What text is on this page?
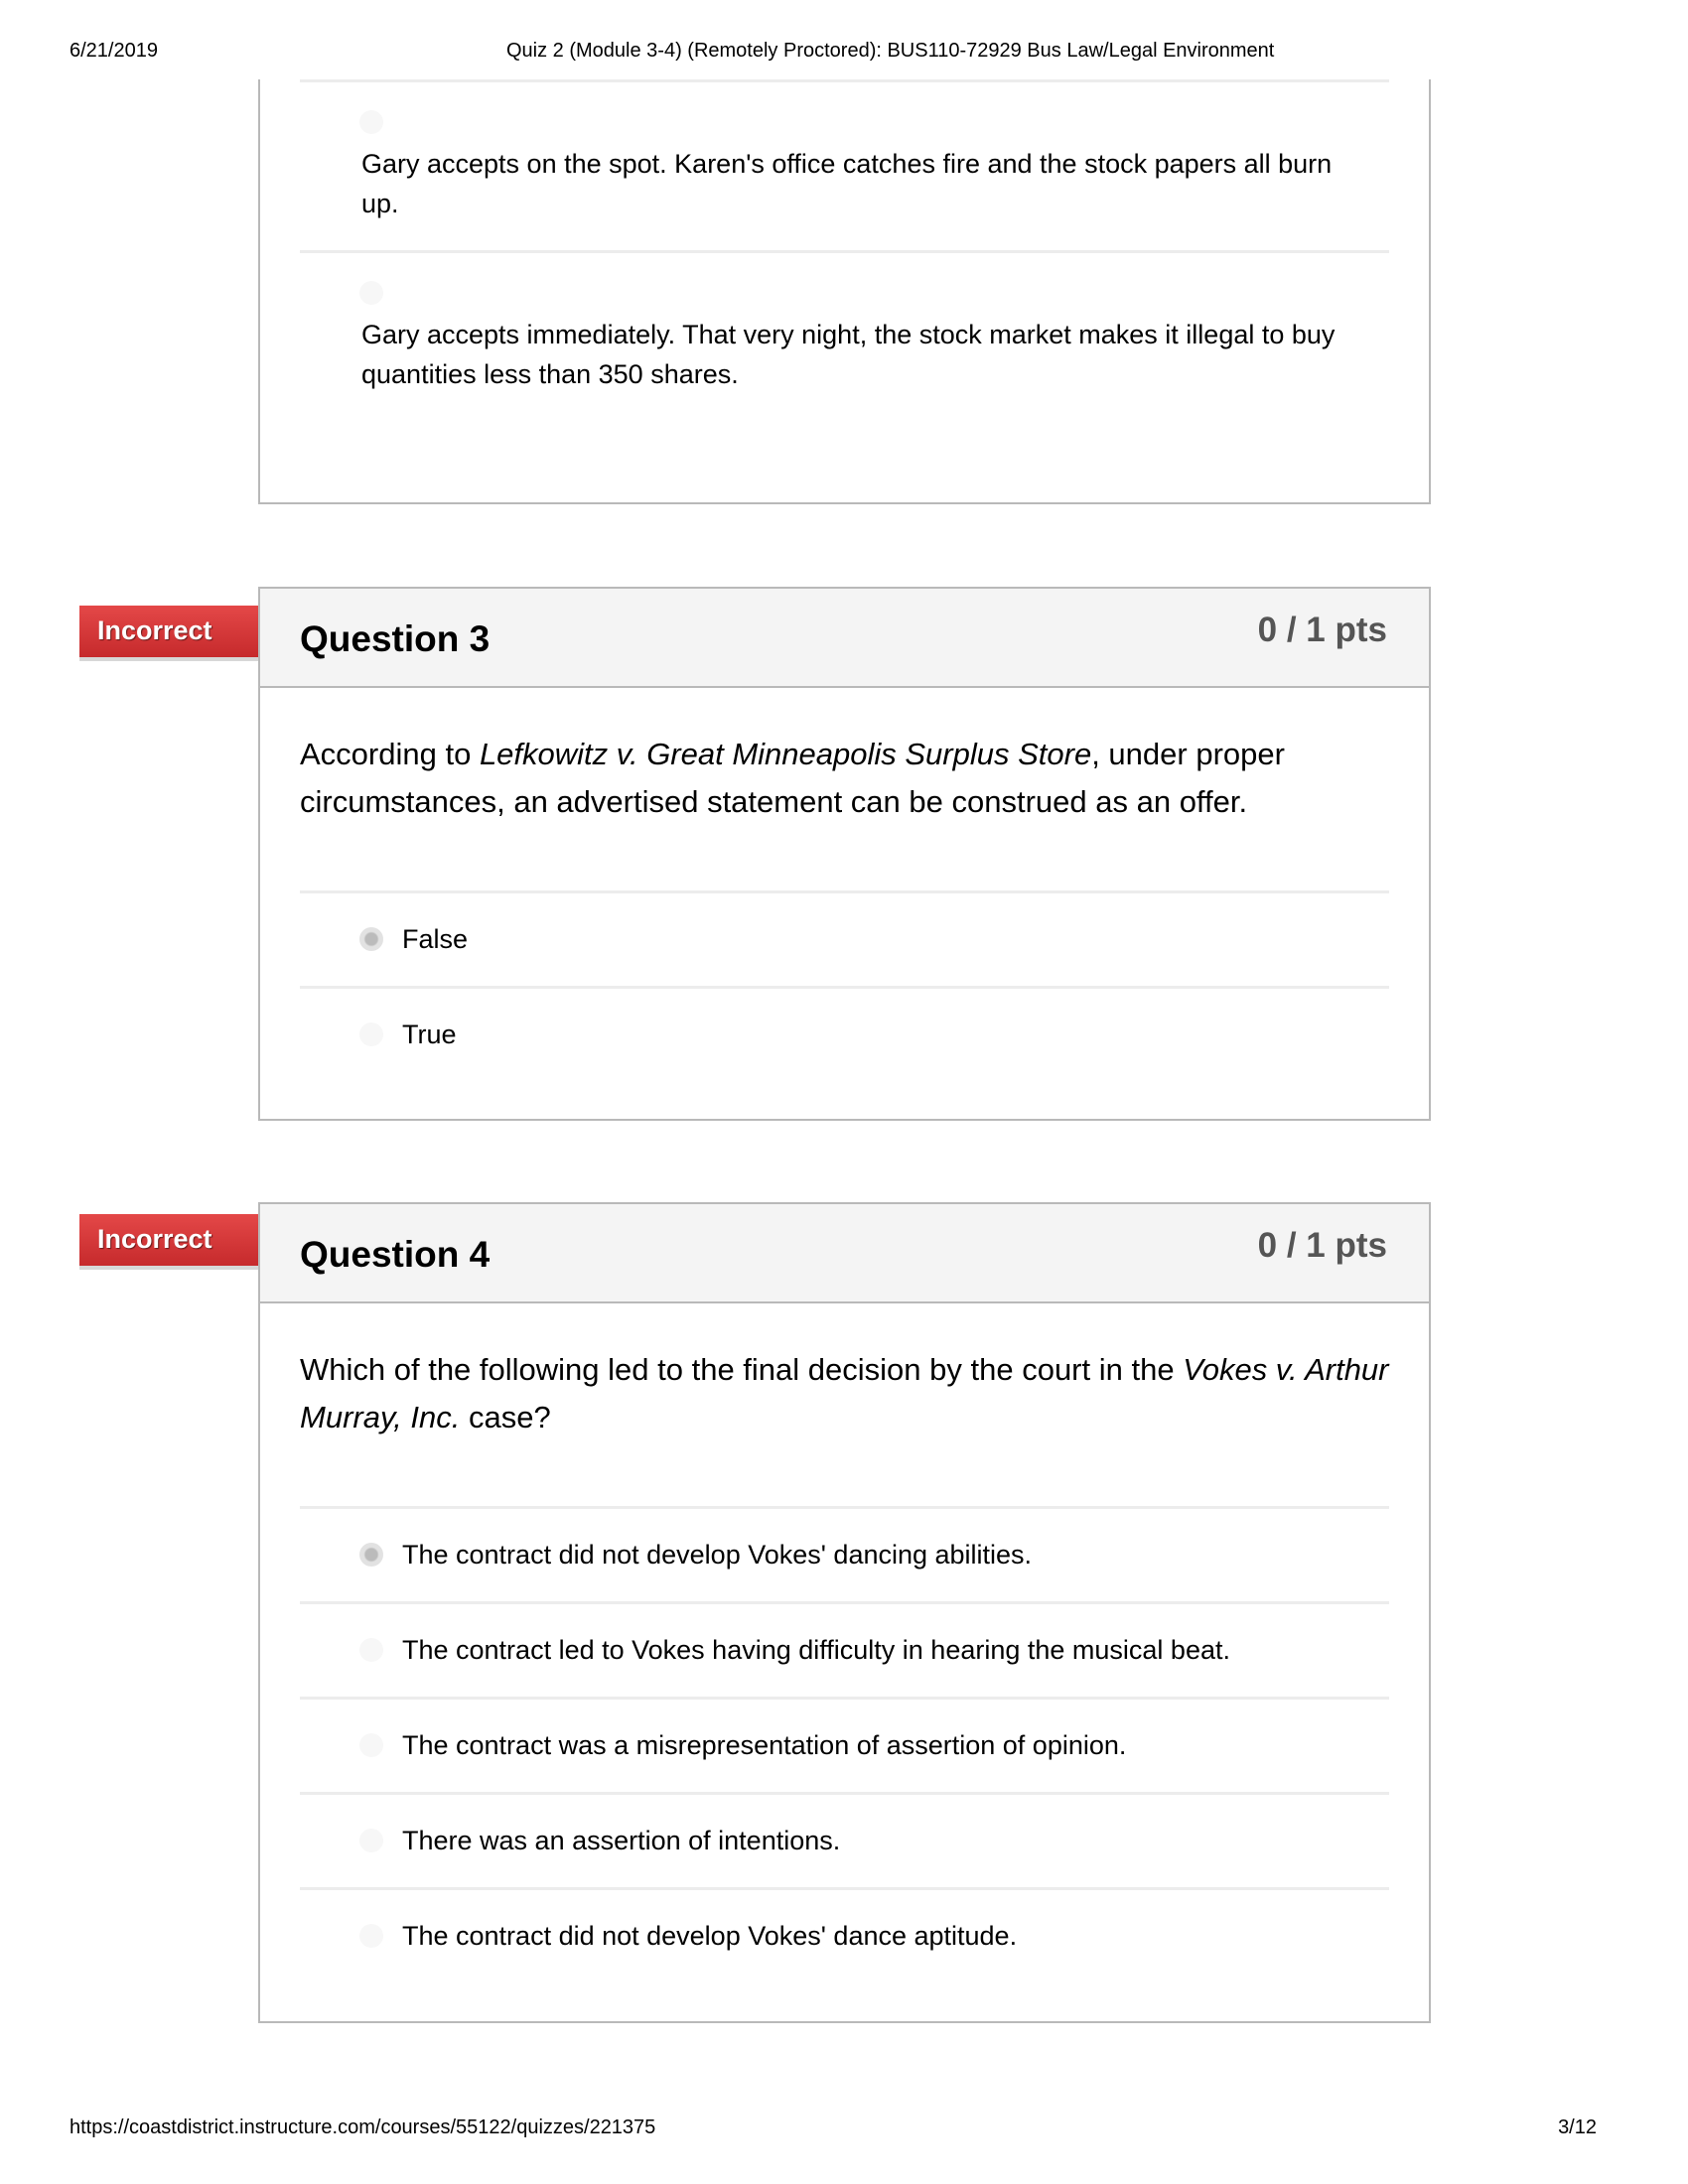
6/21/2019	Quiz 2 (Module 3-4) (Remotely Proctored): BUS110-72929 Bus Law/Legal Environment
Gary accepts on the spot. Karen's office catches fire and the stock papers all burn up.
Gary accepts immediately. That very night, the stock market makes it illegal to buy quantities less than 350 shares.
Incorrect Question 3	0 / 1 pts
According to Lefkowitz v. Great Minneapolis Surplus Store, under proper circumstances, an advertised statement can be construed as an offer.
False
True
Incorrect Question 4	0 / 1 pts
Which of the following led to the final decision by the court in the Vokes v. Arthur Murray, Inc. case?
The contract did not develop Vokes' dancing abilities.
The contract led to Vokes having difficulty in hearing the musical beat.
The contract was a misrepresentation of assertion of opinion.
There was an assertion of intentions.
The contract did not develop Vokes' dance aptitude.
https://coastdistrict.instructure.com/courses/55122/quizzes/221375	3/12
